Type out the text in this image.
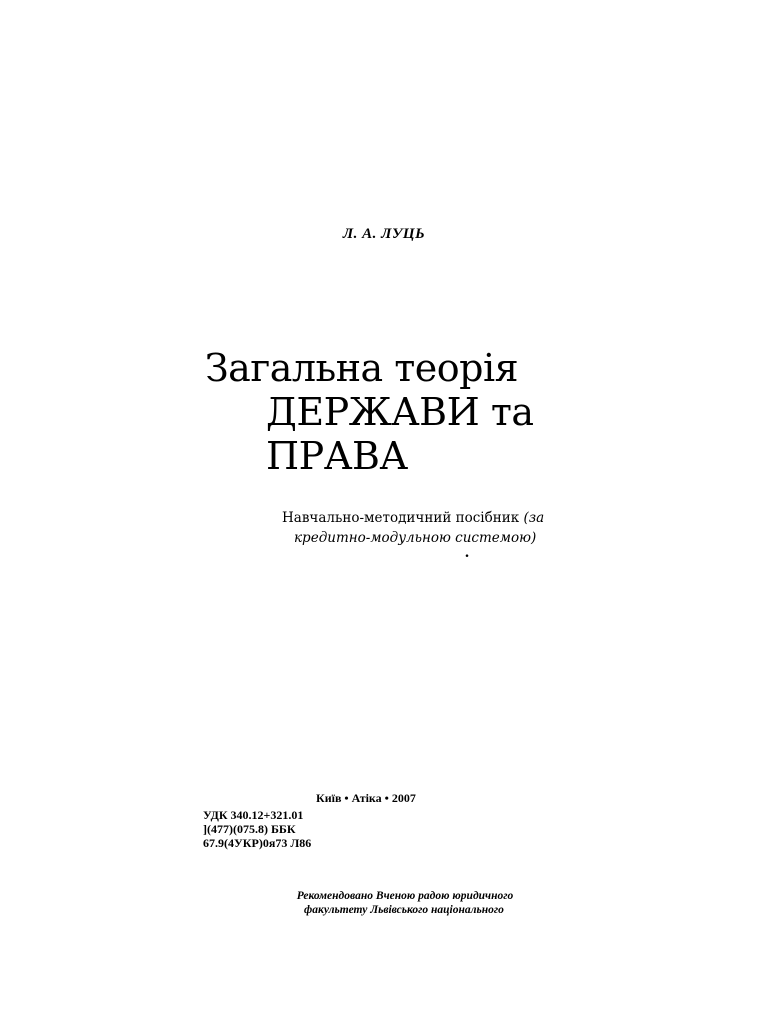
Л. А. ЛУЦЬ
Загальна теорія
ДЕРЖАВИ та
ПРАВА
Навчально-методичний посібник (за
кредитно-модульною системою)
.
Київ • Атіка • 2007
УДК 340.12+321.01
](477)(075.8) ББК
67.9(4УКР)0я73 Л86
Рекомендовано Вченою радою юридичного
факультету Львівського національного
